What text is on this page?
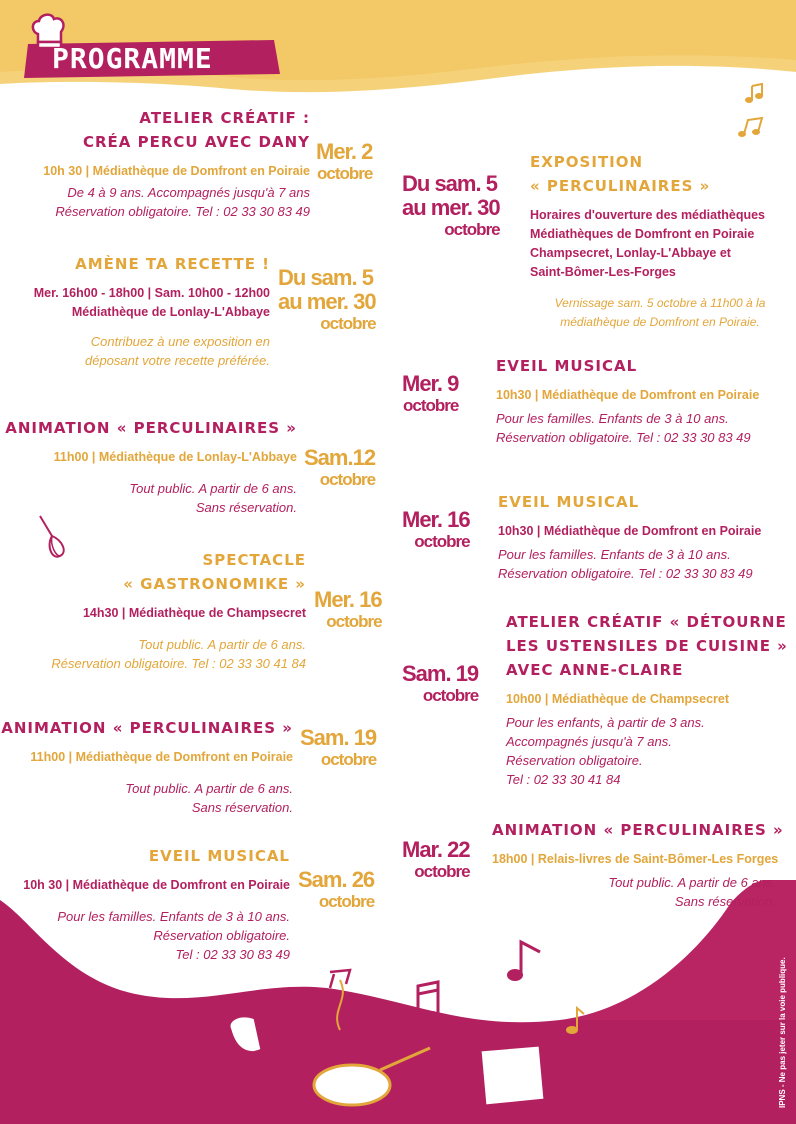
PROGRAMME
IPNS - Ne pas jeter sur la voie publique.
ATELIER CRÉATIF :
CRÉA PERCU AVEC DANY
10h 30 | Médiathèque de Domfront en Poiraie
De 4 à 9 ans. Accompagnés jusqu'à 7 ans
Réservation obligatoire. Tel : 02 33 30 83 49
Mer. 2
octobre
AMÈNE TA RECETTE !
Mer. 16h00 - 18h00 | Sam. 10h00 - 12h00
Médiathèque de Lonlay-L'Abbaye
Contribuez à une exposition en
déposant votre recette préférée.
Du sam. 5
au mer. 30
octobre
ANIMATION « PERCULINAIRES »
11h00 | Médiathèque de Lonlay-L'Abbaye
Tout public. A partir de 6 ans.
Sans réservation.
Sam.12
octobre
SPECTACLE
« GASTRONOMIKE »
14h30 | Médiathèque de Champsecret
Tout public. A partir de 6 ans.
Réservation obligatoire. Tel : 02 33 30 41 84
Mer. 16
octobre
ANIMATION « PERCULINAIRES »
11h00 | Médiathèque de Domfront en Poiraie
Tout public. A partir de 6 ans.
Sans réservation.
Sam. 19
octobre
EVEIL MUSICAL
10h 30 | Médiathèque de Domfront en Poiraie
Pour les familles. Enfants de 3 à 10 ans.
Réservation obligatoire.
Tel : 02 33 30 83 49
Sam. 26
octobre
EXPOSITION
« PERCULINAIRES »
Horaires d'ouverture des médiathèques
Médiathèques de Domfront en Poiraie
Champsecret, Lonlay-L'Abbaye et
Saint-Bômer-Les-Forges
Vernissage sam. 5 octobre à 11h00 à la
médiathèque de Domfront en Poiraie.
Du sam. 5
au mer. 30
octobre
EVEIL MUSICAL
10h30 | Médiathèque de Domfront en Poiraie
Pour les familles. Enfants de 3 à 10 ans.
Réservation obligatoire. Tel : 02 33 30 83 49
Mer. 9
octobre
EVEIL MUSICAL
10h30 | Médiathèque de Domfront en Poiraie
Pour les familles. Enfants de 3 à 10 ans.
Réservation obligatoire. Tel : 02 33 30 83 49
Mer. 16
octobre
ATELIER CRÉATIF « DÉTOURNE
LES USTENSILES DE CUISINE »
AVEC ANNE-CLAIRE
10h00 | Médiathèque de Champsecret
Pour les enfants, à partir de 3 ans.
Accompagnés jusqu'à 7 ans.
Réservation obligatoire.
Tel : 02 33 30 41 84
Sam. 19
octobre
ANIMATION « PERCULINAIRES »
18h00 | Relais-livres de Saint-Bômer-Les Forges
Tout public. A partir de 6 ans.
Sans réservation.
Mar. 22
octobre
